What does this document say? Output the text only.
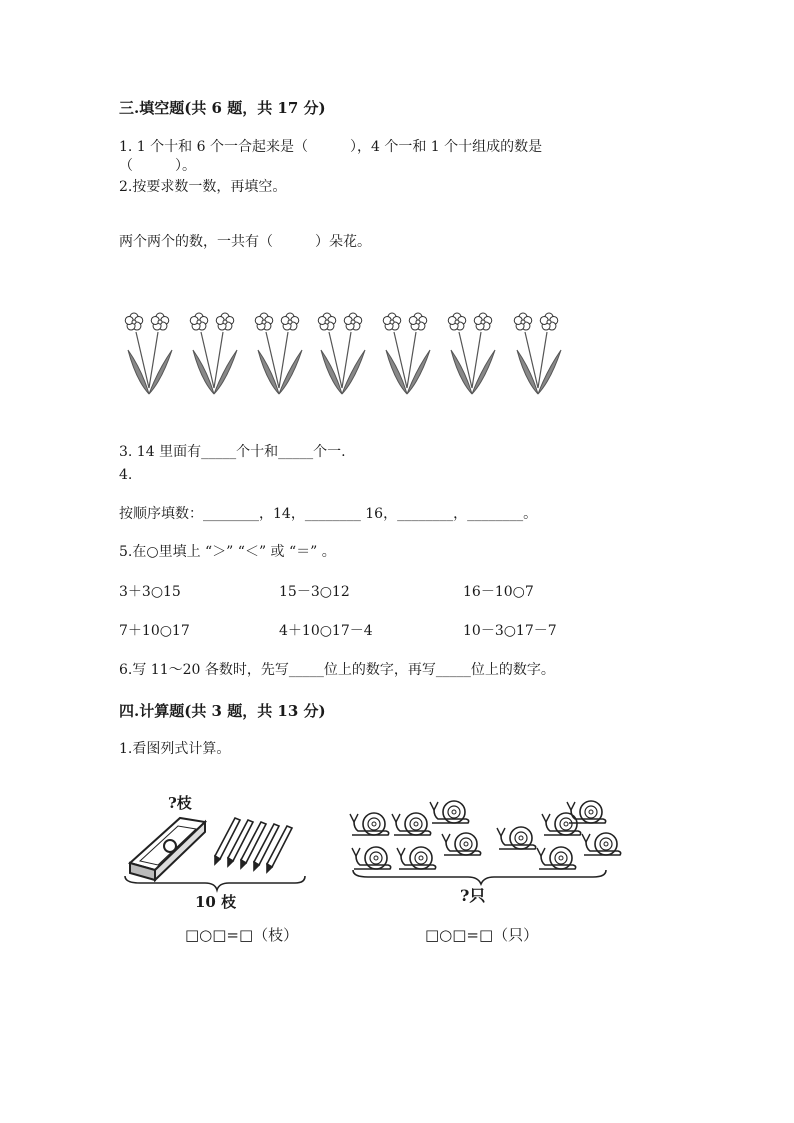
三.填空题(共 6 题，共 17 分)
1. 1 个十和 6 个一合起来是（　　　），4 个一和 1 个十组成的数是
（　　　）。
2.按要求数一数，再填空。
两个两个的数，一共有（　　　）朵花。
3. 14 里面有_____个十和_____个一.
4.
按顺序填数：________，14，________ 16，________，________。
5.在○里填上 “＞” “＜” 或 “＝” 。
3＋3○15	15－3○12	16－10○7
7＋10○17	4＋10○17－4	10－3○17－7
6.写 11～20 各数时，先写_____位上的数字，再写_____位上的数字。
四.计算题(共 3 题，共 13 分)
1.看图列式计算。
?枝
10 枝
□○□=□（枝）
?只
□○□=□（只）
